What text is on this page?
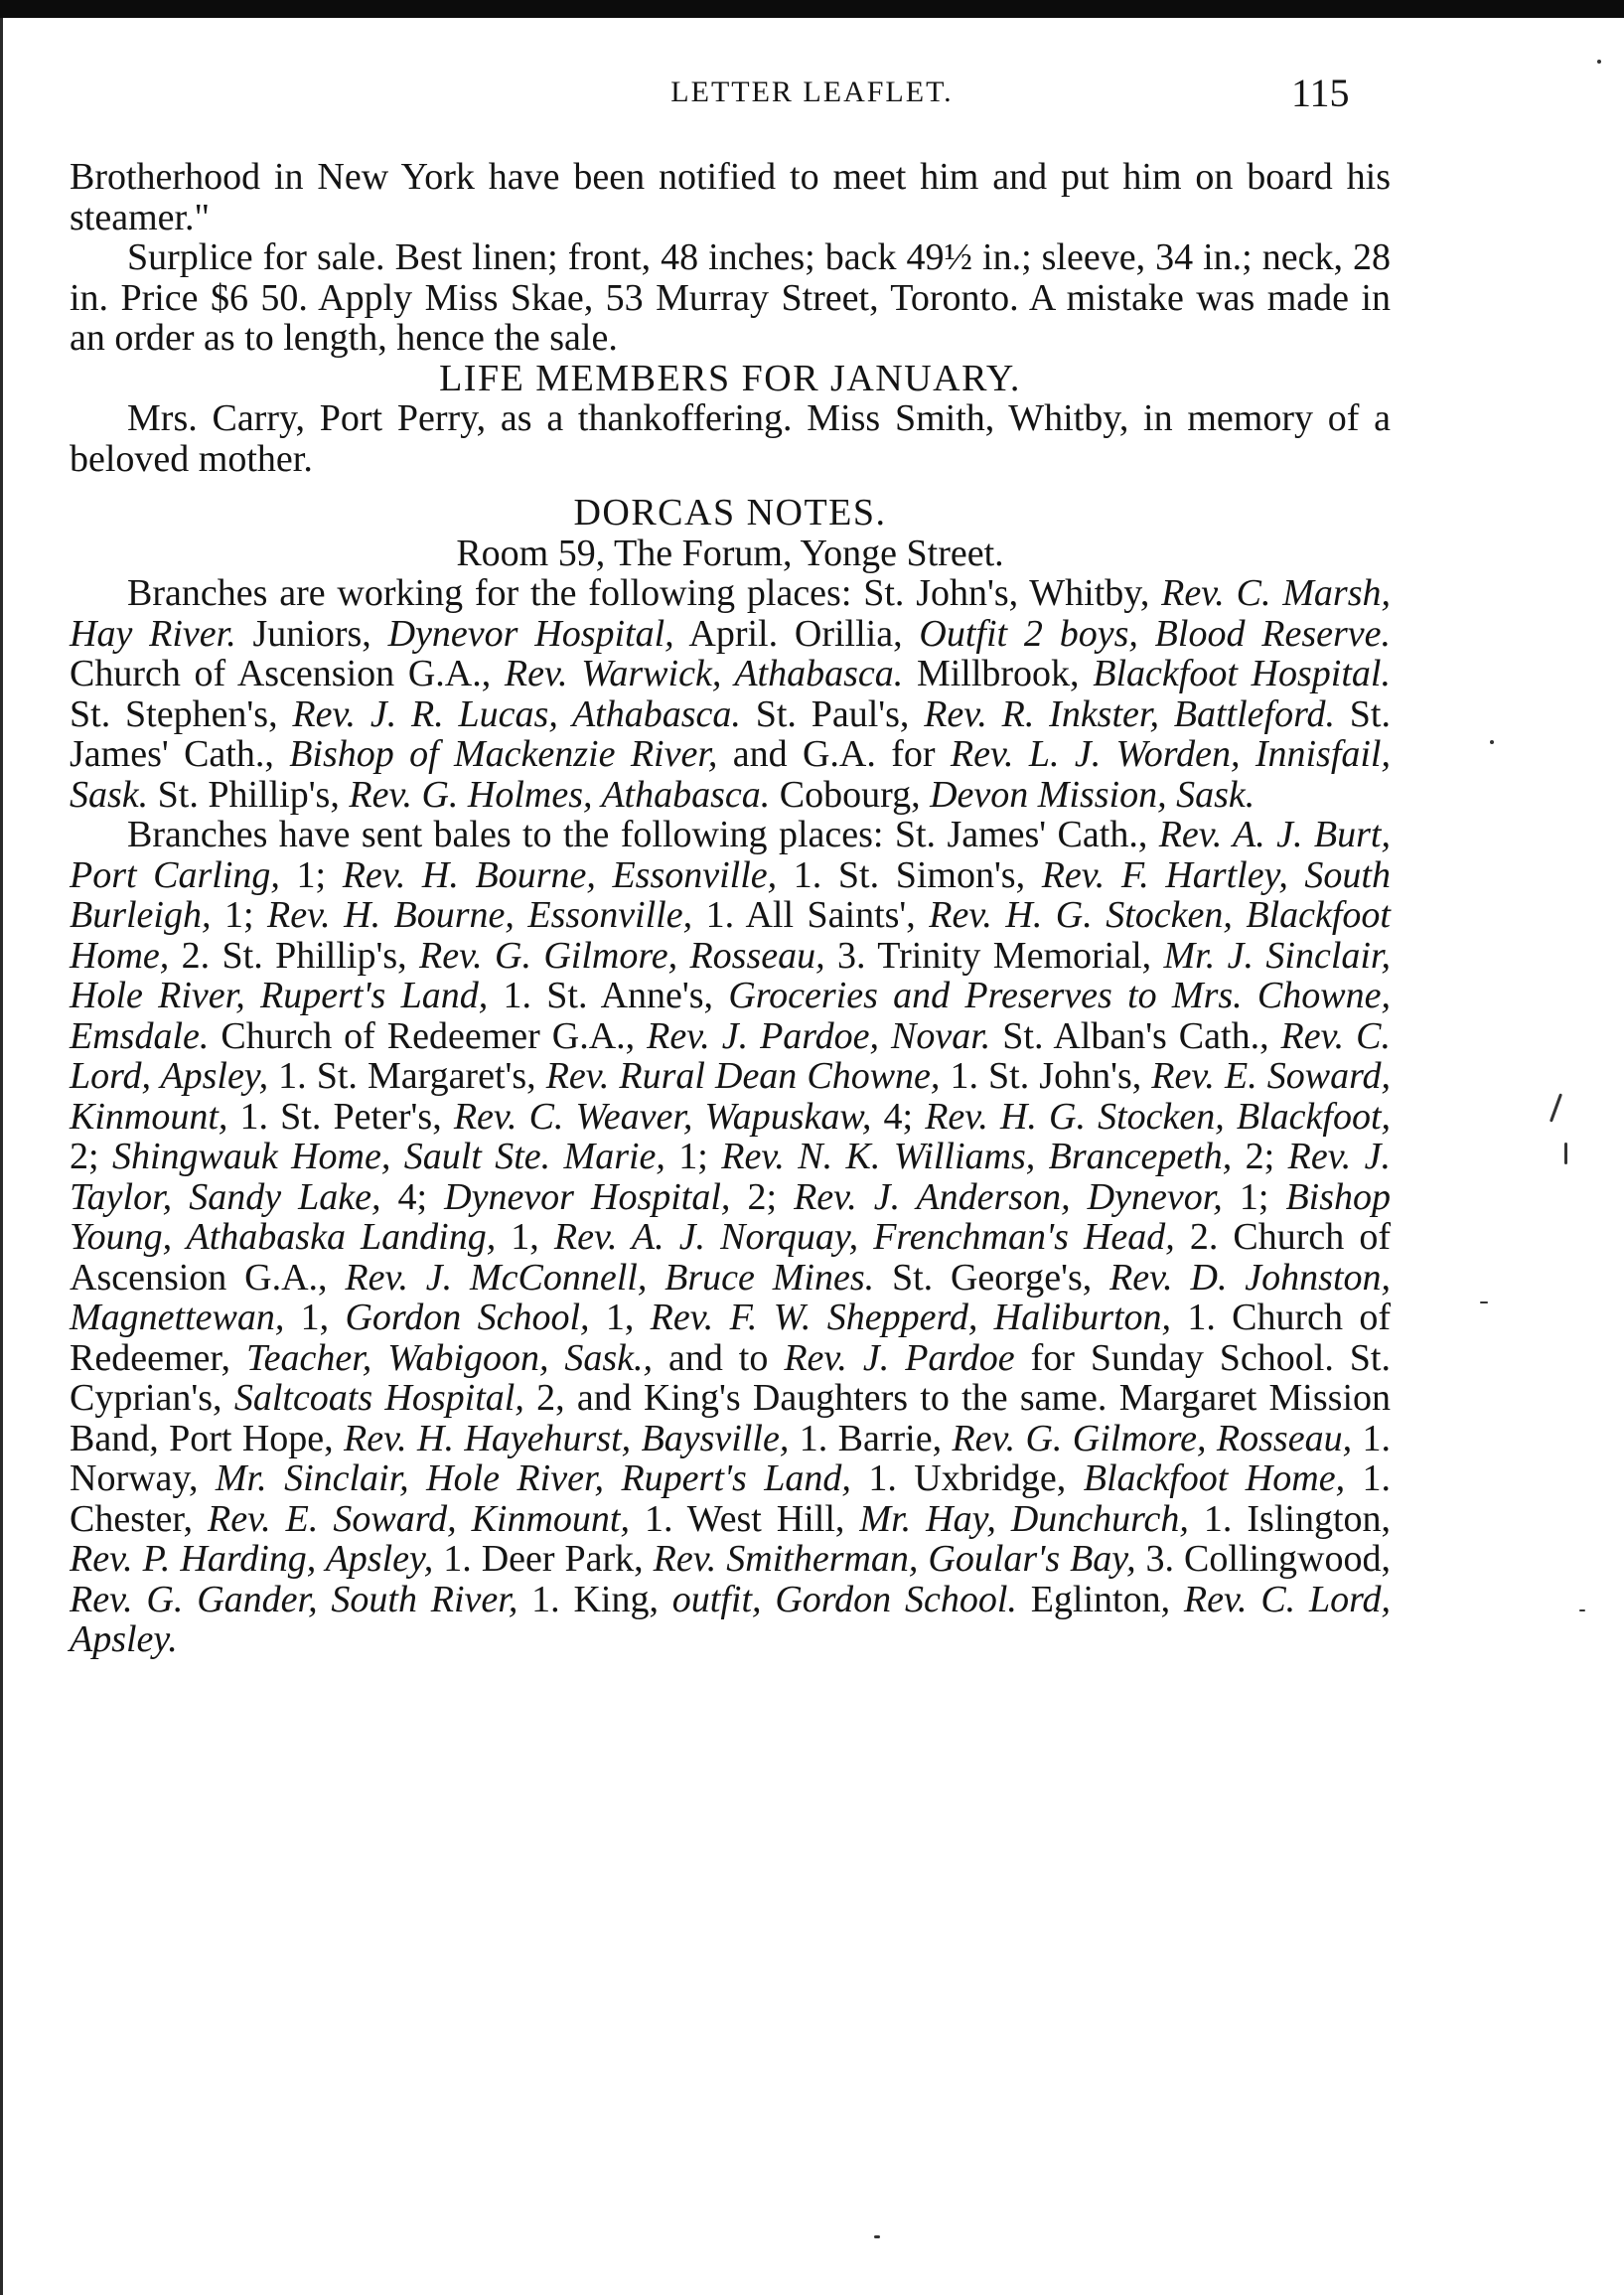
LETTER LEAFLET.	115

Brotherhood in New York have been notified to meet him and put him on board his steamer."

Surplice for sale. Best linen; front, 48 inches; back 49½ in.; sleeve, 34 in.; neck, 28 in. Price $6 50. Apply Miss Skae, 53 Murray Street, Toronto. A mistake was made in an order as to length, hence the sale.

LIFE MEMBERS FOR JANUARY.

Mrs. Carry, Port Perry, as a thankoffering. Miss Smith, Whitby, in memory of a beloved mother.

DORCAS NOTES.

Room 59, The Forum, Yonge Street.

Branches are working for the following places: St. John's, Whitby, Rev. C. Marsh, Hay River. Juniors, Dynevor Hospital, April. Orillia, Outfit 2 boys, Blood Reserve. Church of Ascension G.A., Rev. Warwick, Athabasca. Millbrook, Blackfoot Hospital. St. Stephen's, Rev. J. R. Lucas, Athabasca. St. Paul's, Rev. R. Inkster, Battleford. St. James' Cath., Bishop of Mackenzie River, and G.A. for Rev. L. J. Worden, Innisfail, Sask. St. Phillip's, Rev. G. Holmes, Athabasca. Cobourg, Devon Mission, Sask.

Branches have sent bales to the following places: St. James' Cath., Rev. A. J. Burt, Port Carling, 1; Rev. H. Bourne, Essonville, 1. St. Simon's, Rev. F. Hartley, South Burleigh, 1; Rev. H. Bourne, Essonville, 1. All Saints', Rev. H. G. Stocken, Blackfoot Home, 2. St. Phillip's, Rev. G. Gilmore, Rosseau, 3. Trinity Memorial, Mr. J. Sinclair, Hole River, Rupert's Land, 1. St. Anne's, Groceries and Preserves to Mrs. Chowne, Emsdale. Church of Redeemer G.A., Rev. J. Pardoe, Novar. St. Alban's Cath., Rev. C. Lord, Apsley, 1. St. Margaret's, Rev. Rural Dean Chowne, 1. St. John's, Rev. E. Soward, Kinmount, 1. St. Peter's, Rev. C. Weaver, Wapuskaw, 4; Rev. H. G. Stocken, Blackfoot, 2; Shingwauk Home, Sault Ste. Marie, 1; Rev. N. K. Williams, Brancepeth, 2; Rev. J. Taylor, Sandy Lake, 4; Dynevor Hospital, 2; Rev. J. Anderson, Dynevor, 1; Bishop Young, Athabaska Landing, 1, Rev. A. J. Norquay, Frenchman's Head, 2. Church of Ascension G.A., Rev. J. McConnell, Bruce Mines. St. George's, Rev. D. Johnston, Magnettewan, 1, Gordon School, 1, Rev. F. W. Shepperd, Haliburton, 1. Church of Redeemer, Teacher, Wabigoon, Sask., and to Rev. J. Pardoe for Sunday School. St. Cyprian's, Saltcoats Hospital, 2, and King's Daughters to the same. Margaret Mission Band, Port Hope, Rev. H. Hayehurst, Baysville, 1. Barrie, Rev. G. Gilmore, Rosseau, 1. Norway, Mr. Sinclair, Hole River, Rupert's Land, 1. Uxbridge, Blackfoot Home, 1. Chester, Rev. E. Soward, Kinmount, 1. West Hill, Mr. Hay, Dunchurch, 1. Islington, Rev. P. Harding, Apsley, 1. Deer Park, Rev. Smitherman, Goular's Bay, 3. Collingwood, Rev. G. Gander, South River, 1. King, outfit, Gordon School. Eglinton, Rev. C. Lord, Apsley.
